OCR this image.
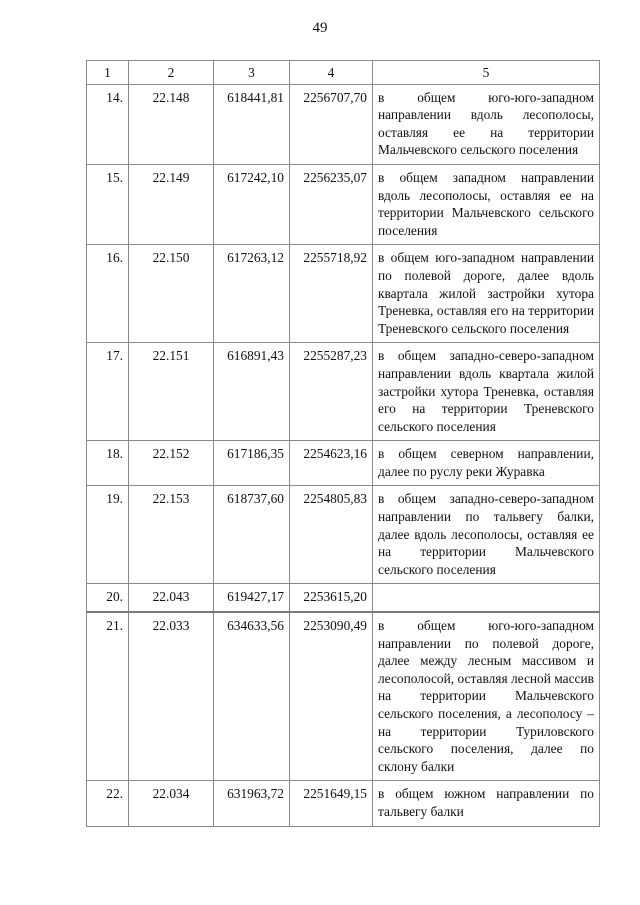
49
1	2	3	4	5
14.	22.148	618441,81	2256707,70	в общем юго-юго-западном направлении вдоль лесополосы, оставляя ее на территории Мальчевского сельского поселения
15.	22.149	617242,10	2256235,07	в общем западном направлении вдоль лесополосы, оставляя ее на территории Мальчевского сельского поселения
16.	22.150	617263,12	2255718,92	в общем юго-западном направлении по полевой дороге, далее вдоль квартала жилой застройки хутора Треневка, оставляя его на территории Треневского сельского поселения
17.	22.151	616891,43	2255287,23	в общем западно-северо-западном направлении вдоль квартала жилой застройки хутора Треневка, оставляя его на территории Треневского сельского поселения
18.	22.152	617186,35	2254623,16	в общем северном направлении, далее по руслу реки Журавка
19.	22.153	618737,60	2254805,83	в общем западно-северо-западном направлении по тальвегу балки, далее вдоль лесополосы, оставляя ее на территории Мальчевского сельского поселения
20.	22.043	619427,17	2253615,20	
21.	22.033	634633,56	2253090,49	в общем юго-юго-западном направлении по полевой дороге, далее между лесным массивом и лесополосой, оставляя лесной массив на территории Мальчевского сельского поселения, а лесополосу – на территории Туриловского сельского поселения, далее по склону балки
22.	22.034	631963,72	2251649,15	в общем южном направлении по тальвегу балки
